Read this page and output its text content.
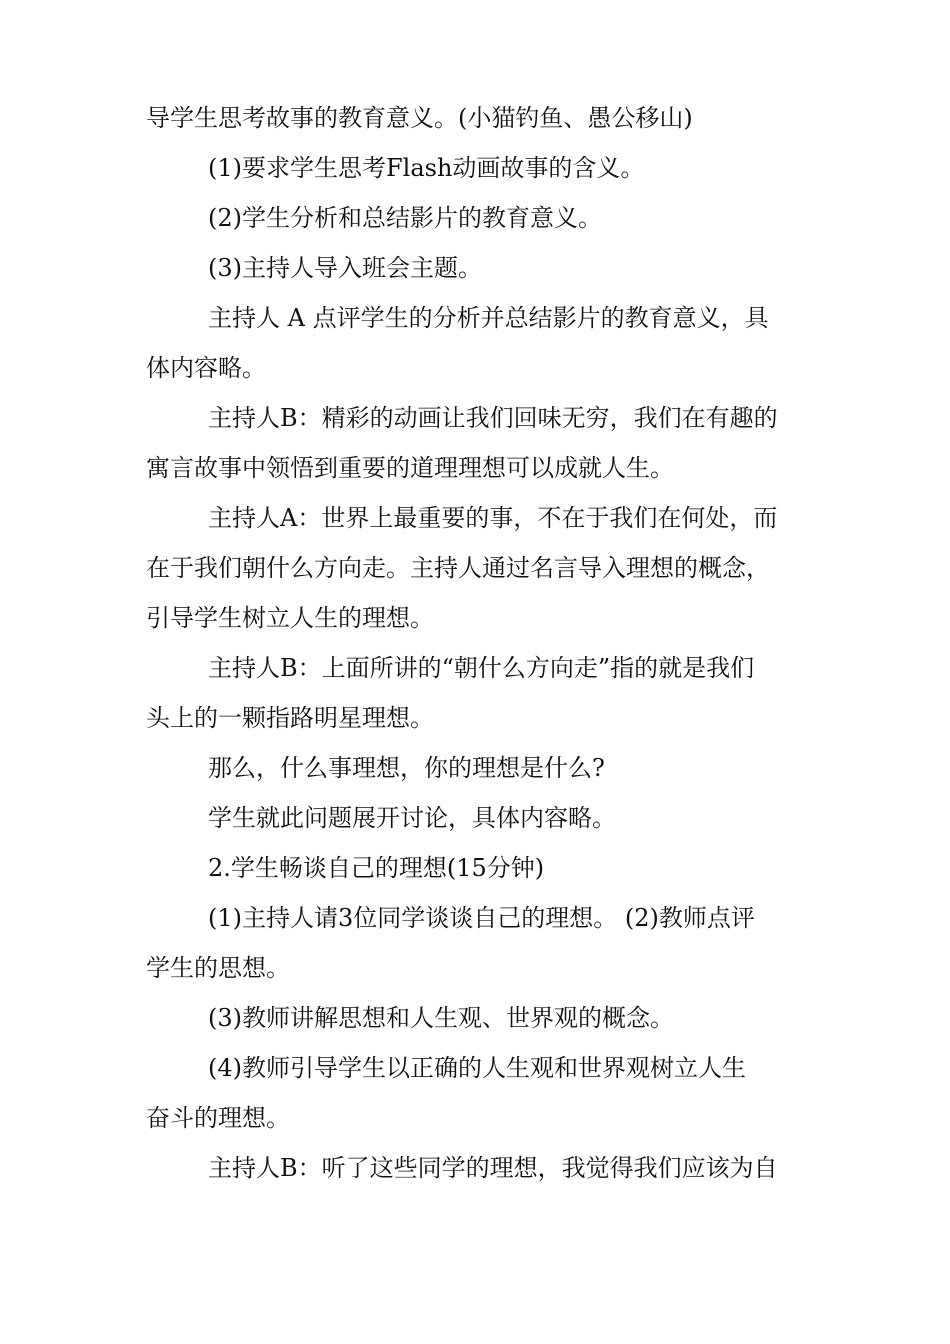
导学生思考故事的教育意义。(小猫钓鱼、愚公移山)
(1)要求学生思考Flash动画故事的含义。
(2)学生分析和总结影片的教育意义。
(3)主持人导入班会主题。
主持人 A 点评学生的分析并总结影片的教育意义，具
体内容略。
主持人B：精彩的动画让我们回味无穷，我们在有趣的
寓言故事中领悟到重要的道理理想可以成就人生。
主持人A：世界上最重要的事，不在于我们在何处，而
在于我们朝什么方向走。主持人通过名言导入理想的概念，
引导学生树立人生的理想。
主持人B：上面所讲的“朝什么方向走”指的就是我们
头上的一颗指路明星理想。
那么，什么事理想，你的理想是什么?
学生就此问题展开讨论，具体内容略。
2.学生畅谈自己的理想(15分钟)
(1)主持人请3位同学谈谈自己的理想。 (2)教师点评
学生的思想。
(3)教师讲解思想和人生观、世界观的概念。
(4)教师引导学生以正确的人生观和世界观树立人生
奋斗的理想。
主持人B：听了这些同学的理想，我觉得我们应该为自
